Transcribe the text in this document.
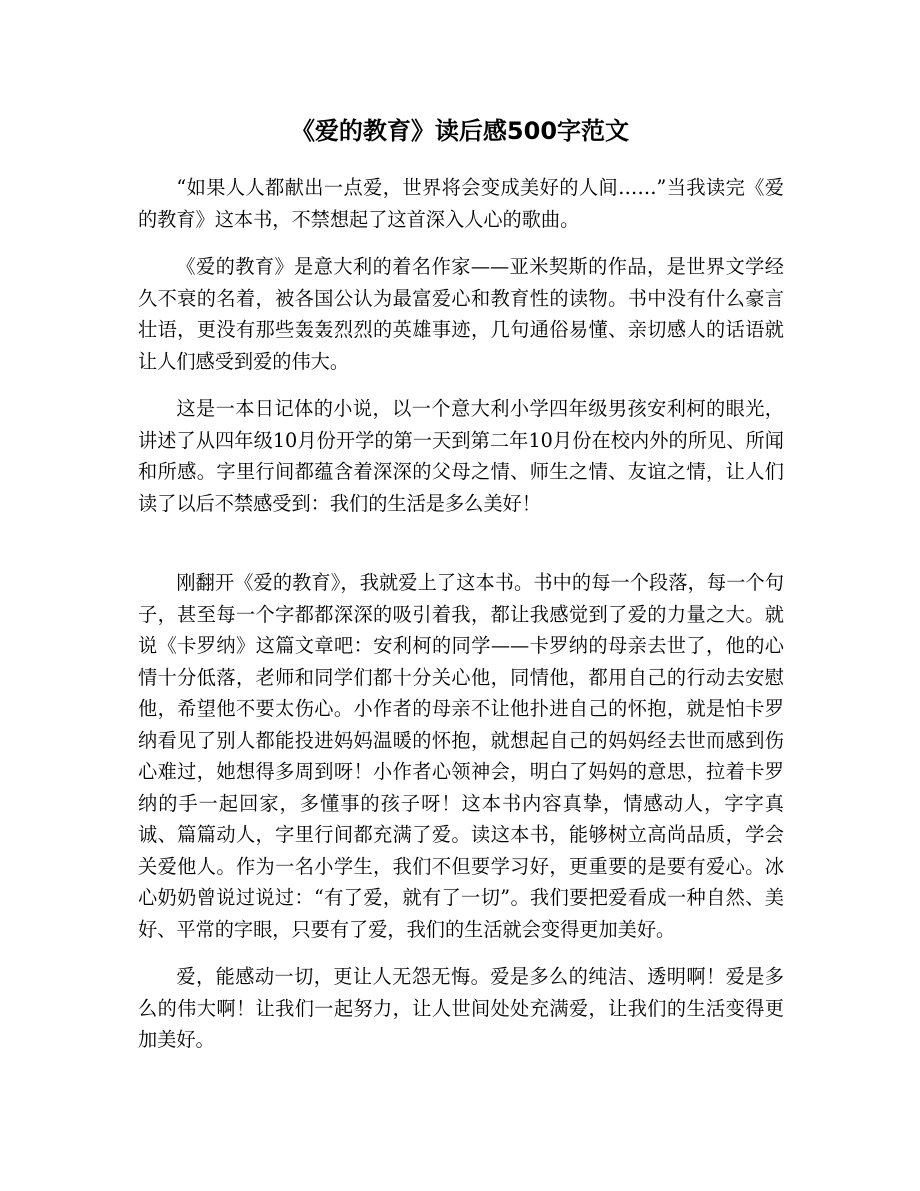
《爱的教育》读后感500字范文

“如果人人都献出一点爱，世界将会变成美好的人间……”当我读完《爱的教育》这本书，不禁想起了这首深入人心的歌曲。

《爱的教育》是意大利的着名作家——亚米契斯的作品，是世界文学经久不衰的名着，被各国公认为最富爱心和教育性的读物。书中没有什么豪言壮语，更没有那些轰轰烈烈的英雄事迹，几句通俗易懂、亲切感人的话语就让人们感受到爱的伟大。

这是一本日记体的小说，以一个意大利小学四年级男孩安利柯的眼光，讲述了从四年级10月份开学的第一天到第二年10月份在校内外的所见、所闻和所感。字里行间都蕴含着深深的父母之情、师生之情、友谊之情，让人们读了以后不禁感受到：我们的生活是多么美好！

刚翻开《爱的教育》，我就爱上了这本书。书中的每一个段落，每一个句子，甚至每一个字都都深深的吸引着我，都让我感觉到了爱的力量之大。就说《卡罗纳》这篇文章吧：安利柯的同学——卡罗纳的母亲去世了，他的心情十分低落，老师和同学们都十分关心他，同情他，都用自己的行动去安慰他，希望他不要太伤心。小作者的母亲不让他扑进自己的怀抱，就是怕卡罗纳看见了别人都能投进妈妈温暖的怀抱，就想起自己的妈妈经去世而感到伤心难过，她想得多周到呀！小作者心领神会，明白了妈妈的意思，拉着卡罗纳的手一起回家，多懂事的孩子呀！这本书内容真挚，情感动人，字字真诚、篇篇动人，字里行间都充满了爱。读这本书，能够树立高尚品质，学会关爱他人。作为一名小学生，我们不但要学习好，更重要的是要有爱心。冰心奶奶曾说过说过：“有了爱，就有了一切”。我们要把爱看成一种自然、美好、平常的字眼，只要有了爱，我们的生活就会变得更加美好。

爱，能感动一切，更让人无怨无悔。爱是多么的纯洁、透明啊！爱是多么的伟大啊！让我们一起努力，让人世间处处充满爱，让我们的生活变得更加美好。
